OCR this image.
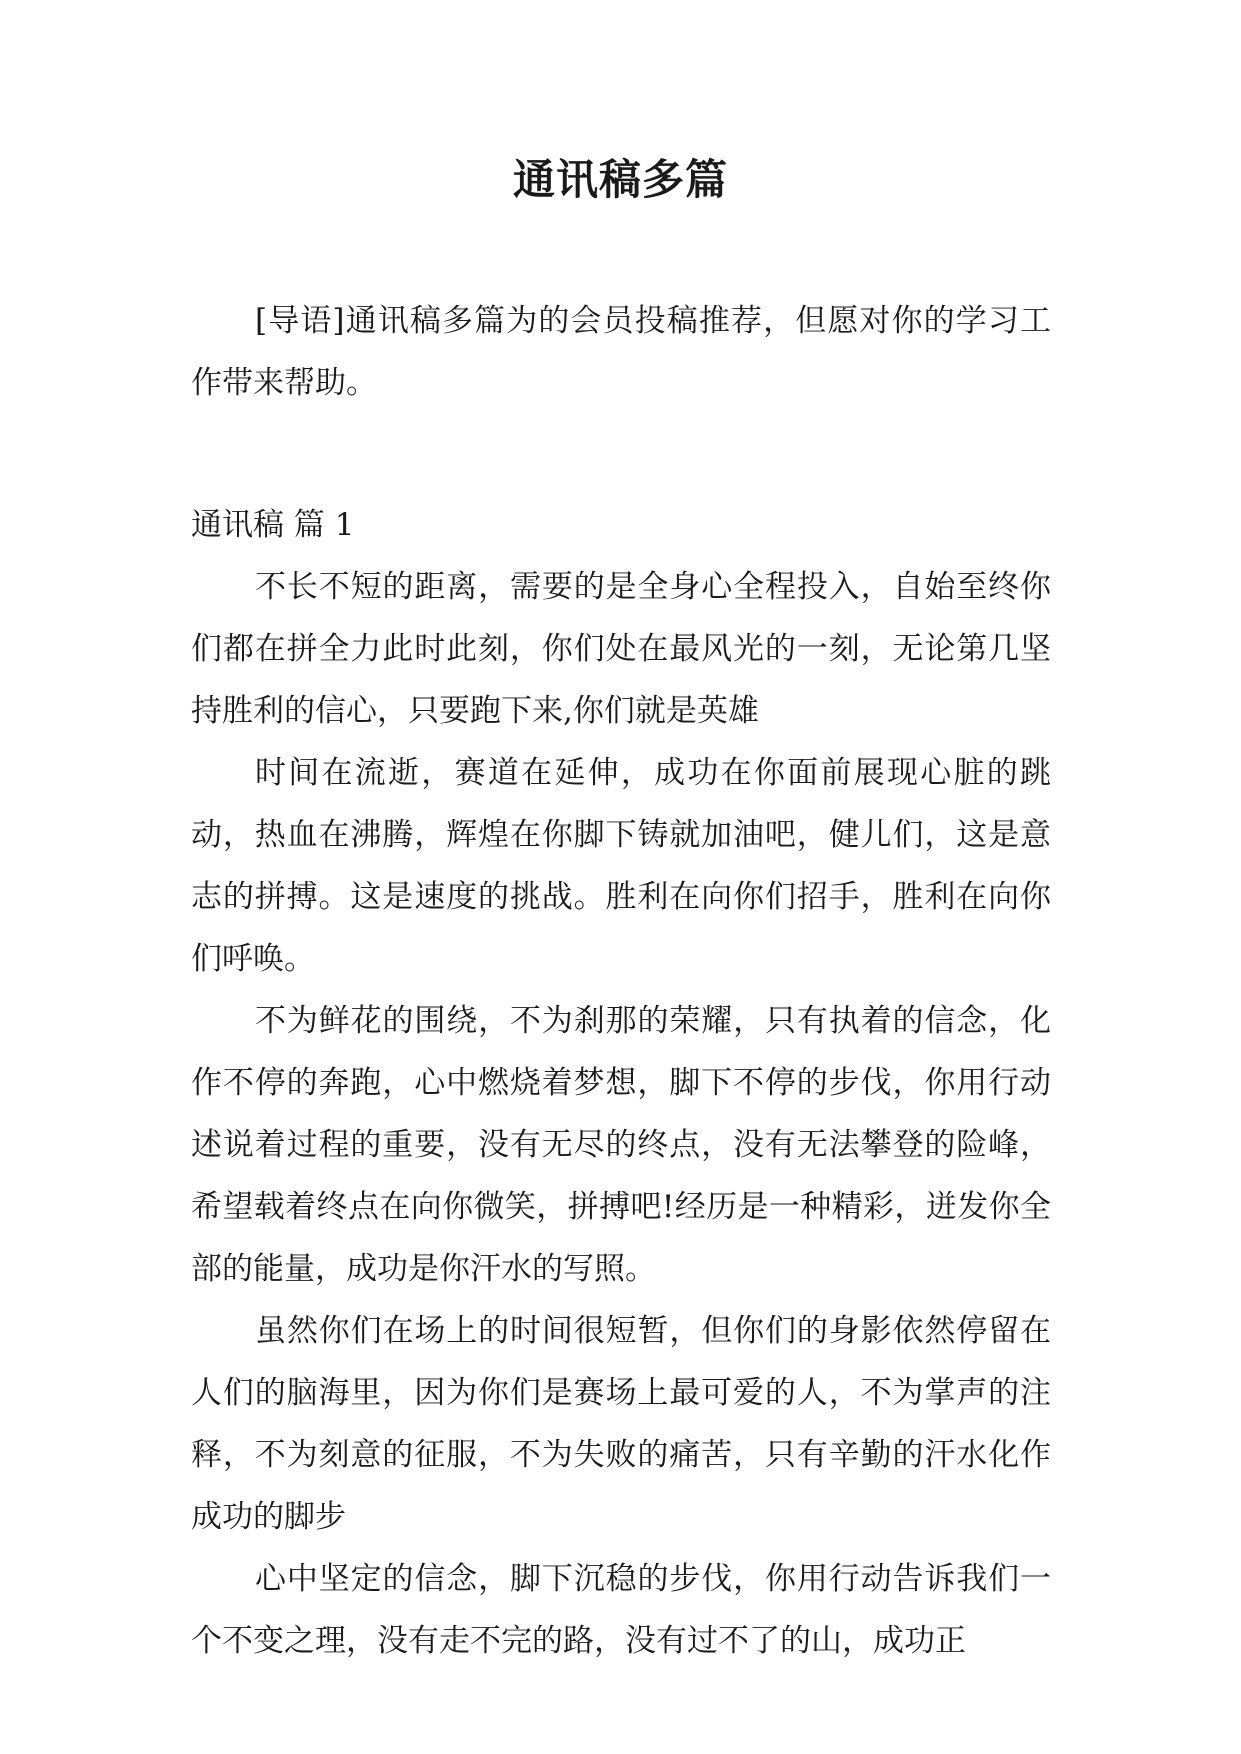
通讯稿多篇

[导语]通讯稿多篇为的会员投稿推荐，但愿对你的学习工作带来帮助。

通讯稿 篇 1

不长不短的距离，需要的是全身心全程投入，自始至终你们都在拼全力此时此刻，你们处在最风光的一刻，无论第几坚持胜利的信心，只要跑下来,你们就是英雄

时间在流逝，赛道在延伸，成功在你面前展现心脏的跳动，热血在沸腾，辉煌在你脚下铸就加油吧，健儿们，这是意志的拼搏。这是速度的挑战。胜利在向你们招手，胜利在向你们呼唤。

不为鲜花的围绕，不为刹那的荣耀，只有执着的信念，化作不停的奔跑，心中燃烧着梦想，脚下不停的步伐，你用行动述说着过程的重要，没有无尽的终点，没有无法攀登的险峰，希望载着终点在向你微笑，拼搏吧!经历是一种精彩，迸发你全部的能量，成功是你汗水的写照。

虽然你们在场上的时间很短暂，但你们的身影依然停留在人们的脑海里，因为你们是赛场上最可爱的人，不为掌声的注释，不为刻意的征服，不为失败的痛苦，只有辛勤的汗水化作成功的脚步

心中坚定的信念，脚下沉稳的步伐，你用行动告诉我们一个不变之理，没有走不完的路，没有过不了的山，成功正
